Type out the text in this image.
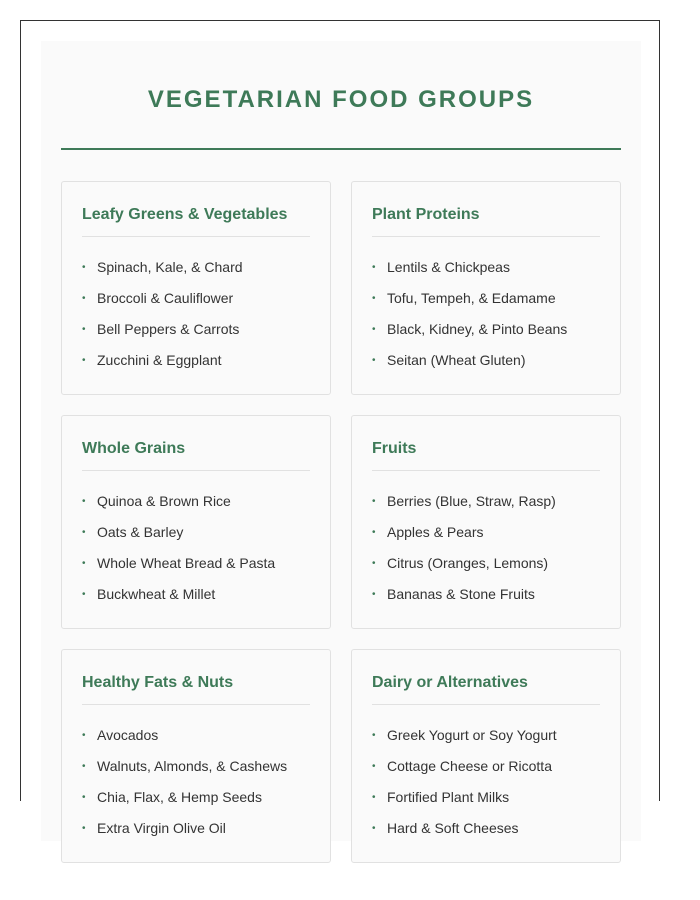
VEGETARIAN FOOD GROUPS
Leafy Greens & Vegetables
• Spinach, Kale, & Chard
• Broccoli & Cauliflower
• Bell Peppers & Carrots
• Zucchini & Eggplant
Plant Proteins
• Lentils & Chickpeas
• Tofu, Tempeh, & Edamame
• Black, Kidney, & Pinto Beans
• Seitan (Wheat Gluten)
Whole Grains
• Quinoa & Brown Rice
• Oats & Barley
• Whole Wheat Bread & Pasta
• Buckwheat & Millet
Fruits
• Berries (Blue, Straw, Rasp)
• Apples & Pears
• Citrus (Oranges, Lemons)
• Bananas & Stone Fruits
Healthy Fats & Nuts
• Avocados
• Walnuts, Almonds, & Cashews
• Chia, Flax, & Hemp Seeds
• Extra Virgin Olive Oil
Dairy or Alternatives
• Greek Yogurt or Soy Yogurt
• Cottage Cheese or Ricotta
• Fortified Plant Milks
• Hard & Soft Cheeses
